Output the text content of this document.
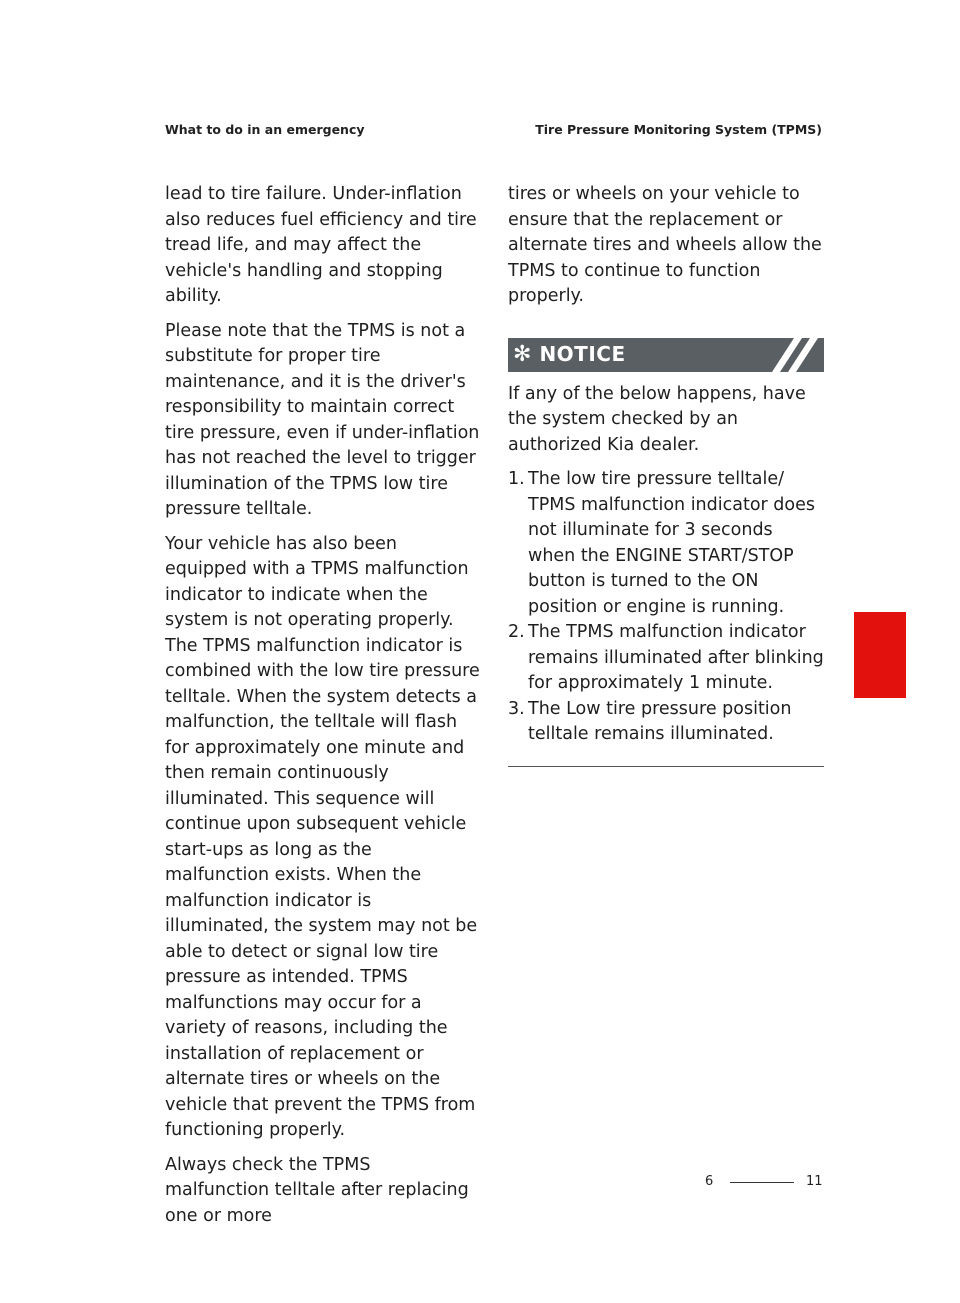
What to do in an emergency	Tire Pressure Monitoring System (TPMS)

lead to tire failure. Under-inflation also reduces fuel efficiency and tire tread life, and may affect the vehicle's handling and stopping ability.

Please note that the TPMS is not a substitute for proper tire maintenance, and it is the driver's responsibility to maintain correct tire pressure, even if under-inflation has not reached the level to trigger illumination of the TPMS low tire pressure telltale.

Your vehicle has also been equipped with a TPMS malfunction indicator to indicate when the system is not operating properly. The TPMS malfunction indicator is combined with the low tire pressure telltale. When the system detects a malfunction, the telltale will flash for approximately one minute and then remain continuously illuminated. This sequence will continue upon subsequent vehicle start-ups as long as the malfunction exists. When the malfunction indicator is illuminated, the system may not be able to detect or signal low tire pressure as intended. TPMS malfunctions may occur for a variety of reasons, including the installation of replacement or alternate tires or wheels on the vehicle that prevent the TPMS from functioning properly.

Always check the TPMS malfunction telltale after replacing one or more

tires or wheels on your vehicle to ensure that the replacement or alternate tires and wheels allow the TPMS to continue to function properly.

✻ NOTICE

If any of the below happens, have the system checked by an authorized Kia dealer.

1. The low tire pressure telltale/ TPMS malfunction indicator does not illuminate for 3 seconds when the ENGINE START/STOP button is turned to the ON position or engine is running.
2. The TPMS malfunction indicator remains illuminated after blinking for approximately 1 minute.
3. The Low tire pressure position telltale remains illuminated.
6
6	11
